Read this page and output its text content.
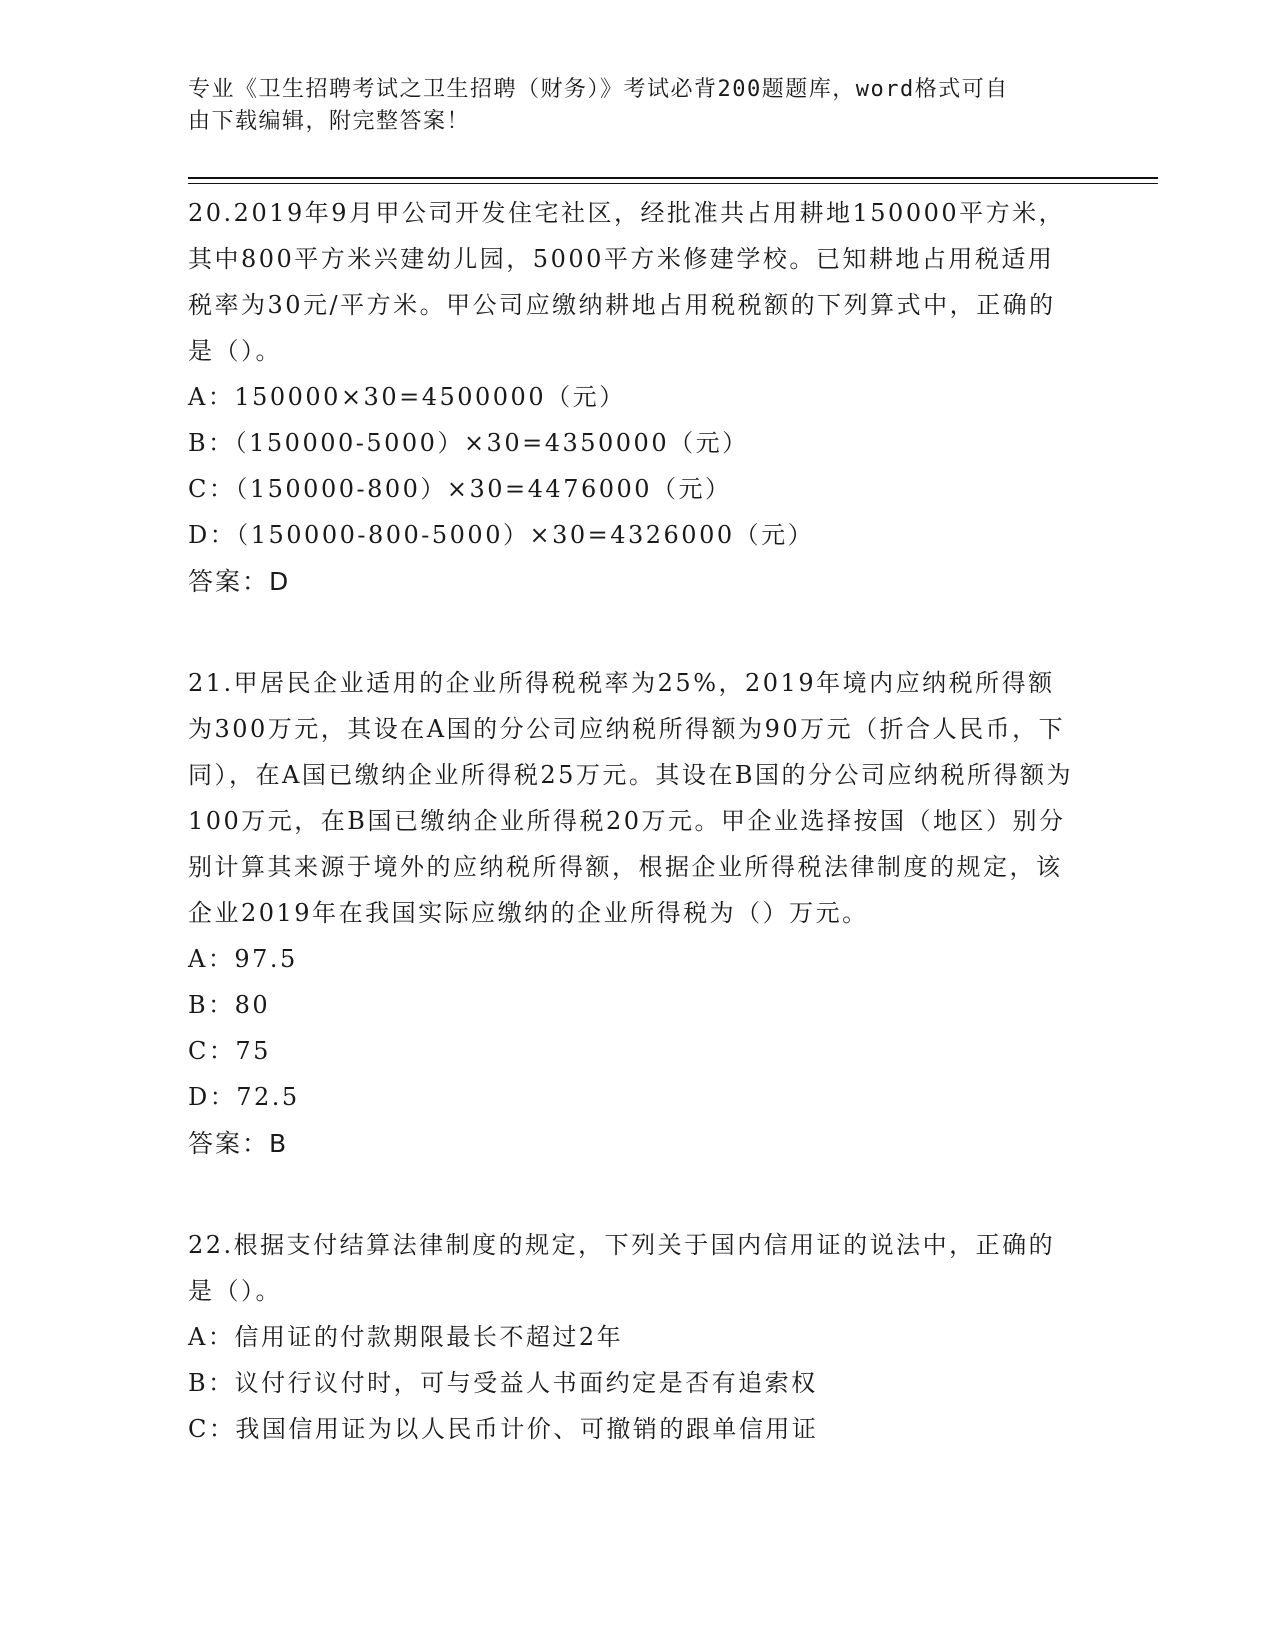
专业《卫生招聘考试之卫生招聘（财务）》考试必背200题题库，word格式可自
由下载编辑，附完整答案！

20.2019年9月甲公司开发住宅社区，经批准共占用耕地150000平方米，其中800平方米兴建幼儿园，5000平方米修建学校。已知耕地占用税适用税率为30元/平方米。甲公司应缴纳耕地占用税税额的下列算式中，正确的是（）。

A：150000×30=4500000（元）

B：（150000-5000）×30=4350000（元）

C：（150000-800）×30=4476000（元）

D：（150000-800-5000）×30=4326000（元）

答案：D

21.甲居民企业适用的企业所得税税率为25%，2019年境内应纳税所得额为300万元，其设在A国的分公司应纳税所得额为90万元（折合人民币，下同），在A国已缴纳企业所得税25万元。其设在B国的分公司应纳税所得额为100万元，在B国已缴纳企业所得税20万元。甲企业选择按国（地区）别分别计算其来源于境外的应纳税所得额，根据企业所得税法律制度的规定，该企业2019年在我国实际应缴纳的企业所得税为（）万元。

A：97.5

B：80

C：75

D：72.5

答案：B

22.根据支付结算法律制度的规定，下列关于国内信用证的说法中，正确的是（）。

A：信用证的付款期限最长不超过2年

B：议付行议付时，可与受益人书面约定是否有追索权

C：我国信用证为以人民币计价、可撤销的跟单信用证
